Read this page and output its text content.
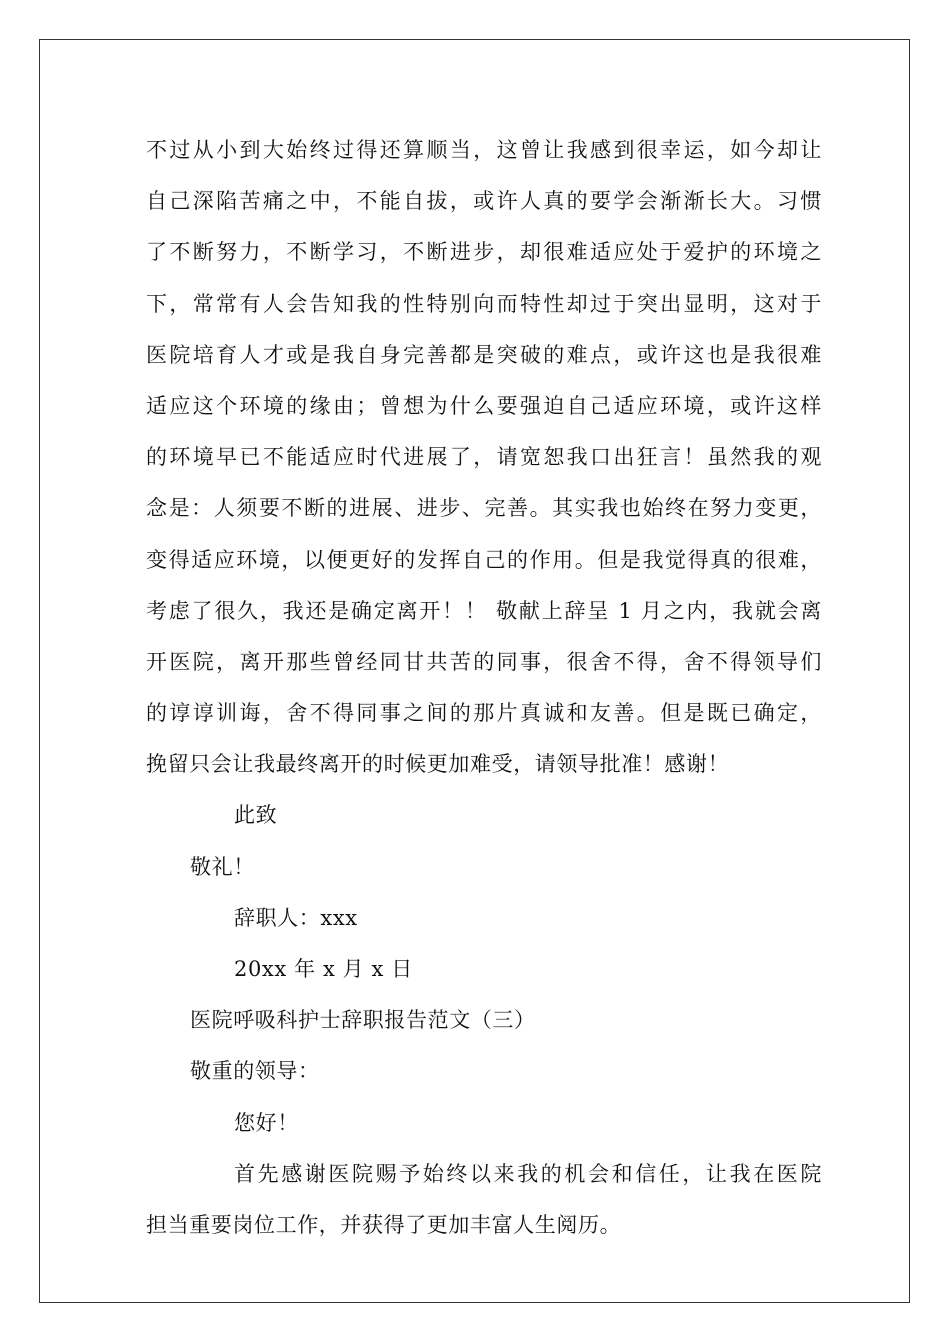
不过从小到大始终过得还算顺当，这曾让我感到很幸运，如今却让
自己深陷苦痛之中，不能自拔，或许人真的要学会渐渐长大。习惯
了不断努力，不断学习，不断进步，却很难适应处于爱护的环境之
下，常常有人会告知我的性特别向而特性却过于突出显明，这对于
医院培育人才或是我自身完善都是突破的难点，或许这也是我很难
适应这个环境的缘由；曾想为什么要强迫自己适应环境，或许这样
的环境早已不能适应时代进展了，请宽恕我口出狂言！虽然我的观
念是：人须要不断的进展、进步、完善。其实我也始终在努力变更，
变得适应环境，以便更好的发挥自己的作用。但是我觉得真的很难，
考虑了很久，我还是确定离开！！ 敬献上辞呈 1 月之内，我就会离
开医院，离开那些曾经同甘共苦的同事，很舍不得，舍不得领导们
的谆谆训诲，舍不得同事之间的那片真诚和友善。但是既已确定，
挽留只会让我最终离开的时候更加难受，请领导批准！感谢！
此致
敬礼！
辞职人：xxx
20xx 年 x 月 x 日
医院呼吸科护士辞职报告范文（三）
敬重的领导：
您好！
首先感谢医院赐予始终以来我的机会和信任，让我在医院
担当重要岗位工作，并获得了更加丰富人生阅历。
